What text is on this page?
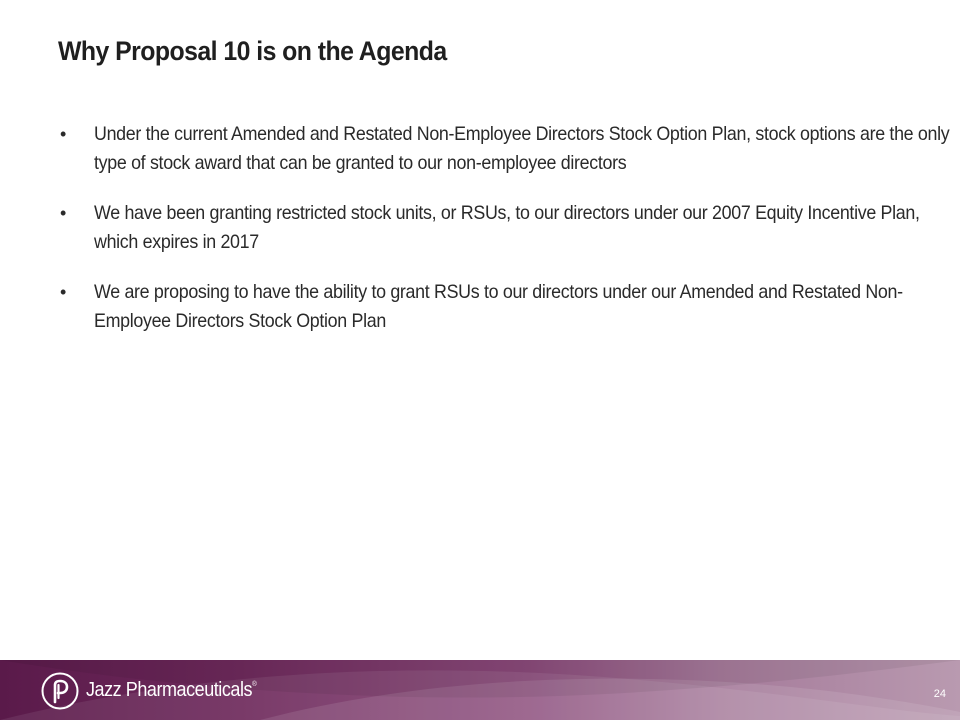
Why Proposal 10 is on the Agenda
• Under the current Amended and Restated Non-Employee Directors Stock Option Plan, stock options are the only type of stock award that can be granted to our non-employee directors
• We have been granting restricted stock units, or RSUs, to our directors under our 2007 Equity Incentive Plan, which expires in 2017
• We are proposing to have the ability to grant RSUs to our directors under our Amended and Restated Non-Employee Directors Stock Option Plan
Jazz Pharmaceuticals®
24
